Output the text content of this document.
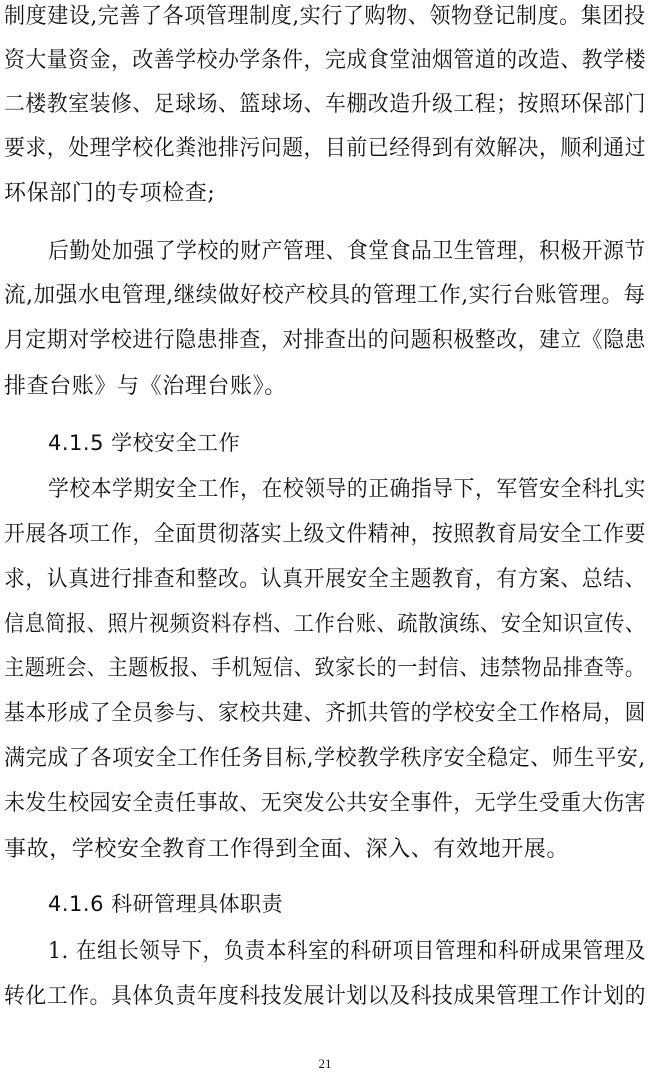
制度建设,完善了各项管理制度,实行了购物、领物登记制度。集团投
资大量资金，改善学校办学条件，完成食堂油烟管道的改造、教学楼
二楼教室装修、足球场、篮球场、车棚改造升级工程；按照环保部门
要求，处理学校化粪池排污问题，目前已经得到有效解决，顺利通过
环保部门的专项检查;
后勤处加强了学校的财产管理、食堂食品卫生管理，积极开源节
流,加强水电管理,继续做好校产校具的管理工作,实行台账管理。每
月定期对学校进行隐患排查，对排查出的问题积极整改，建立《隐患
排查台账》与《治理台账》。
4.1.5 学校安全工作
学校本学期安全工作，在校领导的正确指导下，军管安全科扎实
开展各项工作，全面贯彻落实上级文件精神，按照教育局安全工作要
求，认真进行排查和整改。认真开展安全主题教育，有方案、总结、
信息简报、照片视频资料存档、工作台账、疏散演练、安全知识宣传、
主题班会、主题板报、手机短信、致家长的一封信、违禁物品排查等。
基本形成了全员参与、家校共建、齐抓共管的学校安全工作格局，圆
满完成了各项安全工作任务目标,学校教学秩序安全稳定、师生平安,
未发生校园安全责任事故、无突发公共安全事件，无学生受重大伤害
事故，学校安全教育工作得到全面、深入、有效地开展。
4.1.6 科研管理具体职责
1. 在组长领导下，负责本科室的科研项目管理和科研成果管理及
转化工作。具体负责年度科技发展计划以及科技成果管理工作计划的
21
